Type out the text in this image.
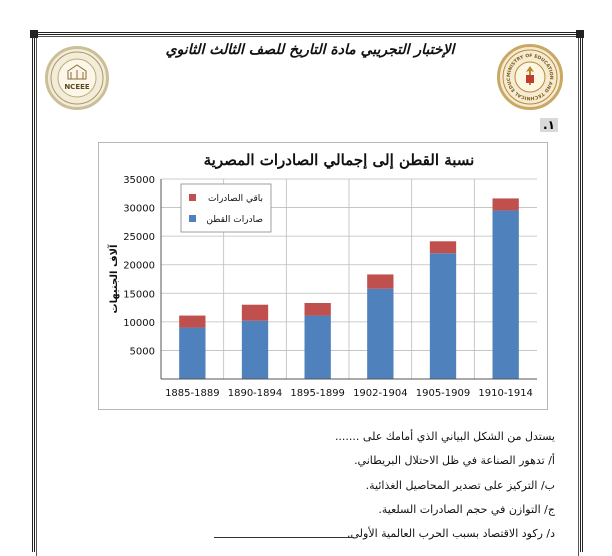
NCEEE
MINISTRY OF EDUCATION AND TECHNICAL EDUC
الإختبار التجريبي مادة التاريخ للصف الثالث الثانوي
١.
نسبة القطن إلى إجمالي الصادرات المصرية
آلاف الجنيهات
5000
10000
15000
20000
25000
30000
35000
1885-1889 1890-1894 1895-1899 1902-1904 1905-1909 1910-1914
باقي الصادرات
صادرات القطن
يستدل من الشكل البياني الذي أمامك على .......
أ/ تدهور الصناعة في ظل الاحتلال البريطاني.
ب/ التركيز على تصدير المحاصيل الغذائية.
ج/ التوازن في حجم الصادرات السلعية.
د/ ركود الاقتصاد بسبب الحرب العالمية الأولى.
